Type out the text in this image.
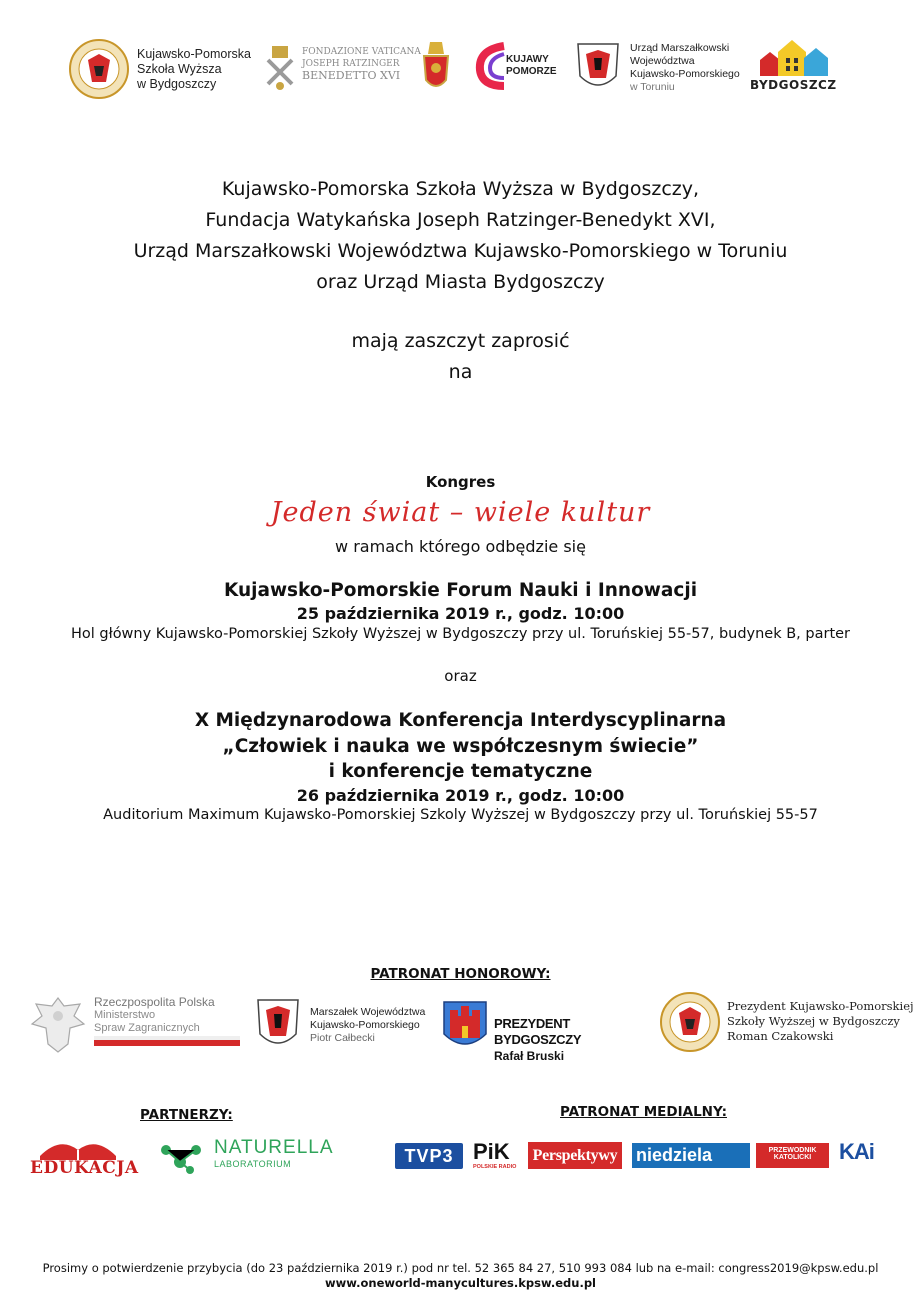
Kujawsko-Pomorska
Szkoła Wyższa
w Bydgoszczy
FONDAZIONE VATICANA
JOSEPH RATZINGER
BENEDETTO XVI
KUJAWY
POMORZE
Urząd Marszałkowski
Województwa
Kujawsko-Pomorskiego
w Toruniu	BYDGOSZCZ
Kujawsko-Pomorska Szkoła Wyższa w Bydgoszczy,
Fundacja Watykańska Joseph Ratzinger-Benedykt XVI,
Urząd Marszałkowski Województwa Kujawsko-Pomorskiego w Toruniu
oraz Urząd Miasta Bydgoszczy
mają zaszczyt zaprosić
na
Kongres
Jeden świat – wiele kultur
w ramach którego odbędzie się
Kujawsko-Pomorskie Forum Nauki i Innowacji
25 października 2019 r., godz. 10:00
Hol główny Kujawsko-Pomorskiej Szkoły Wyższej w Bydgoszczy przy ul. Toruńskiej 55-57, budynek B, parter
oraz
X Międzynarodowa Konferencja Interdyscyplinarna
„Człowiek i nauka we współczesnym świecie”
i konferencje tematyczne
26 października 2019 r., godz. 10:00
Auditorium Maximum Kujawsko-Pomorskiej Szkoly Wyższej w Bydgoszczy przy ul. Toruńskiej 55-57
PATRONAT HONOROWY:
Rzeczpospolita Polska
Ministerstwo
Spraw Zagranicznych
Marszałek Województwa
Kujawsko-Pomorskiego
Piotr Całbecki
PREZYDENT BYDGOSZCZY
Rafał Bruski
Prezydent Kujawsko-Pomorskiej
Szkoły Wyższej w Bydgoszczy
Roman Czakowski
PARTNERZY:
EDUKACJA
NATURELLA
LABORATORIUM
PATRONAT MEDIALNY:
TVP3 PiK
POLSKIE RADIO
Perspektywy niedziela	PRZEWODNIK
KATOLICKI	KAi
Prosimy o potwierdzenie przybycia (do 23 października 2019 r.) pod nr tel. 52 365 84 27, 510 993 084 lub na e-mail: congress2019@kpsw.edu.pl
www.oneworld-manycultures.kpsw.edu.pl
